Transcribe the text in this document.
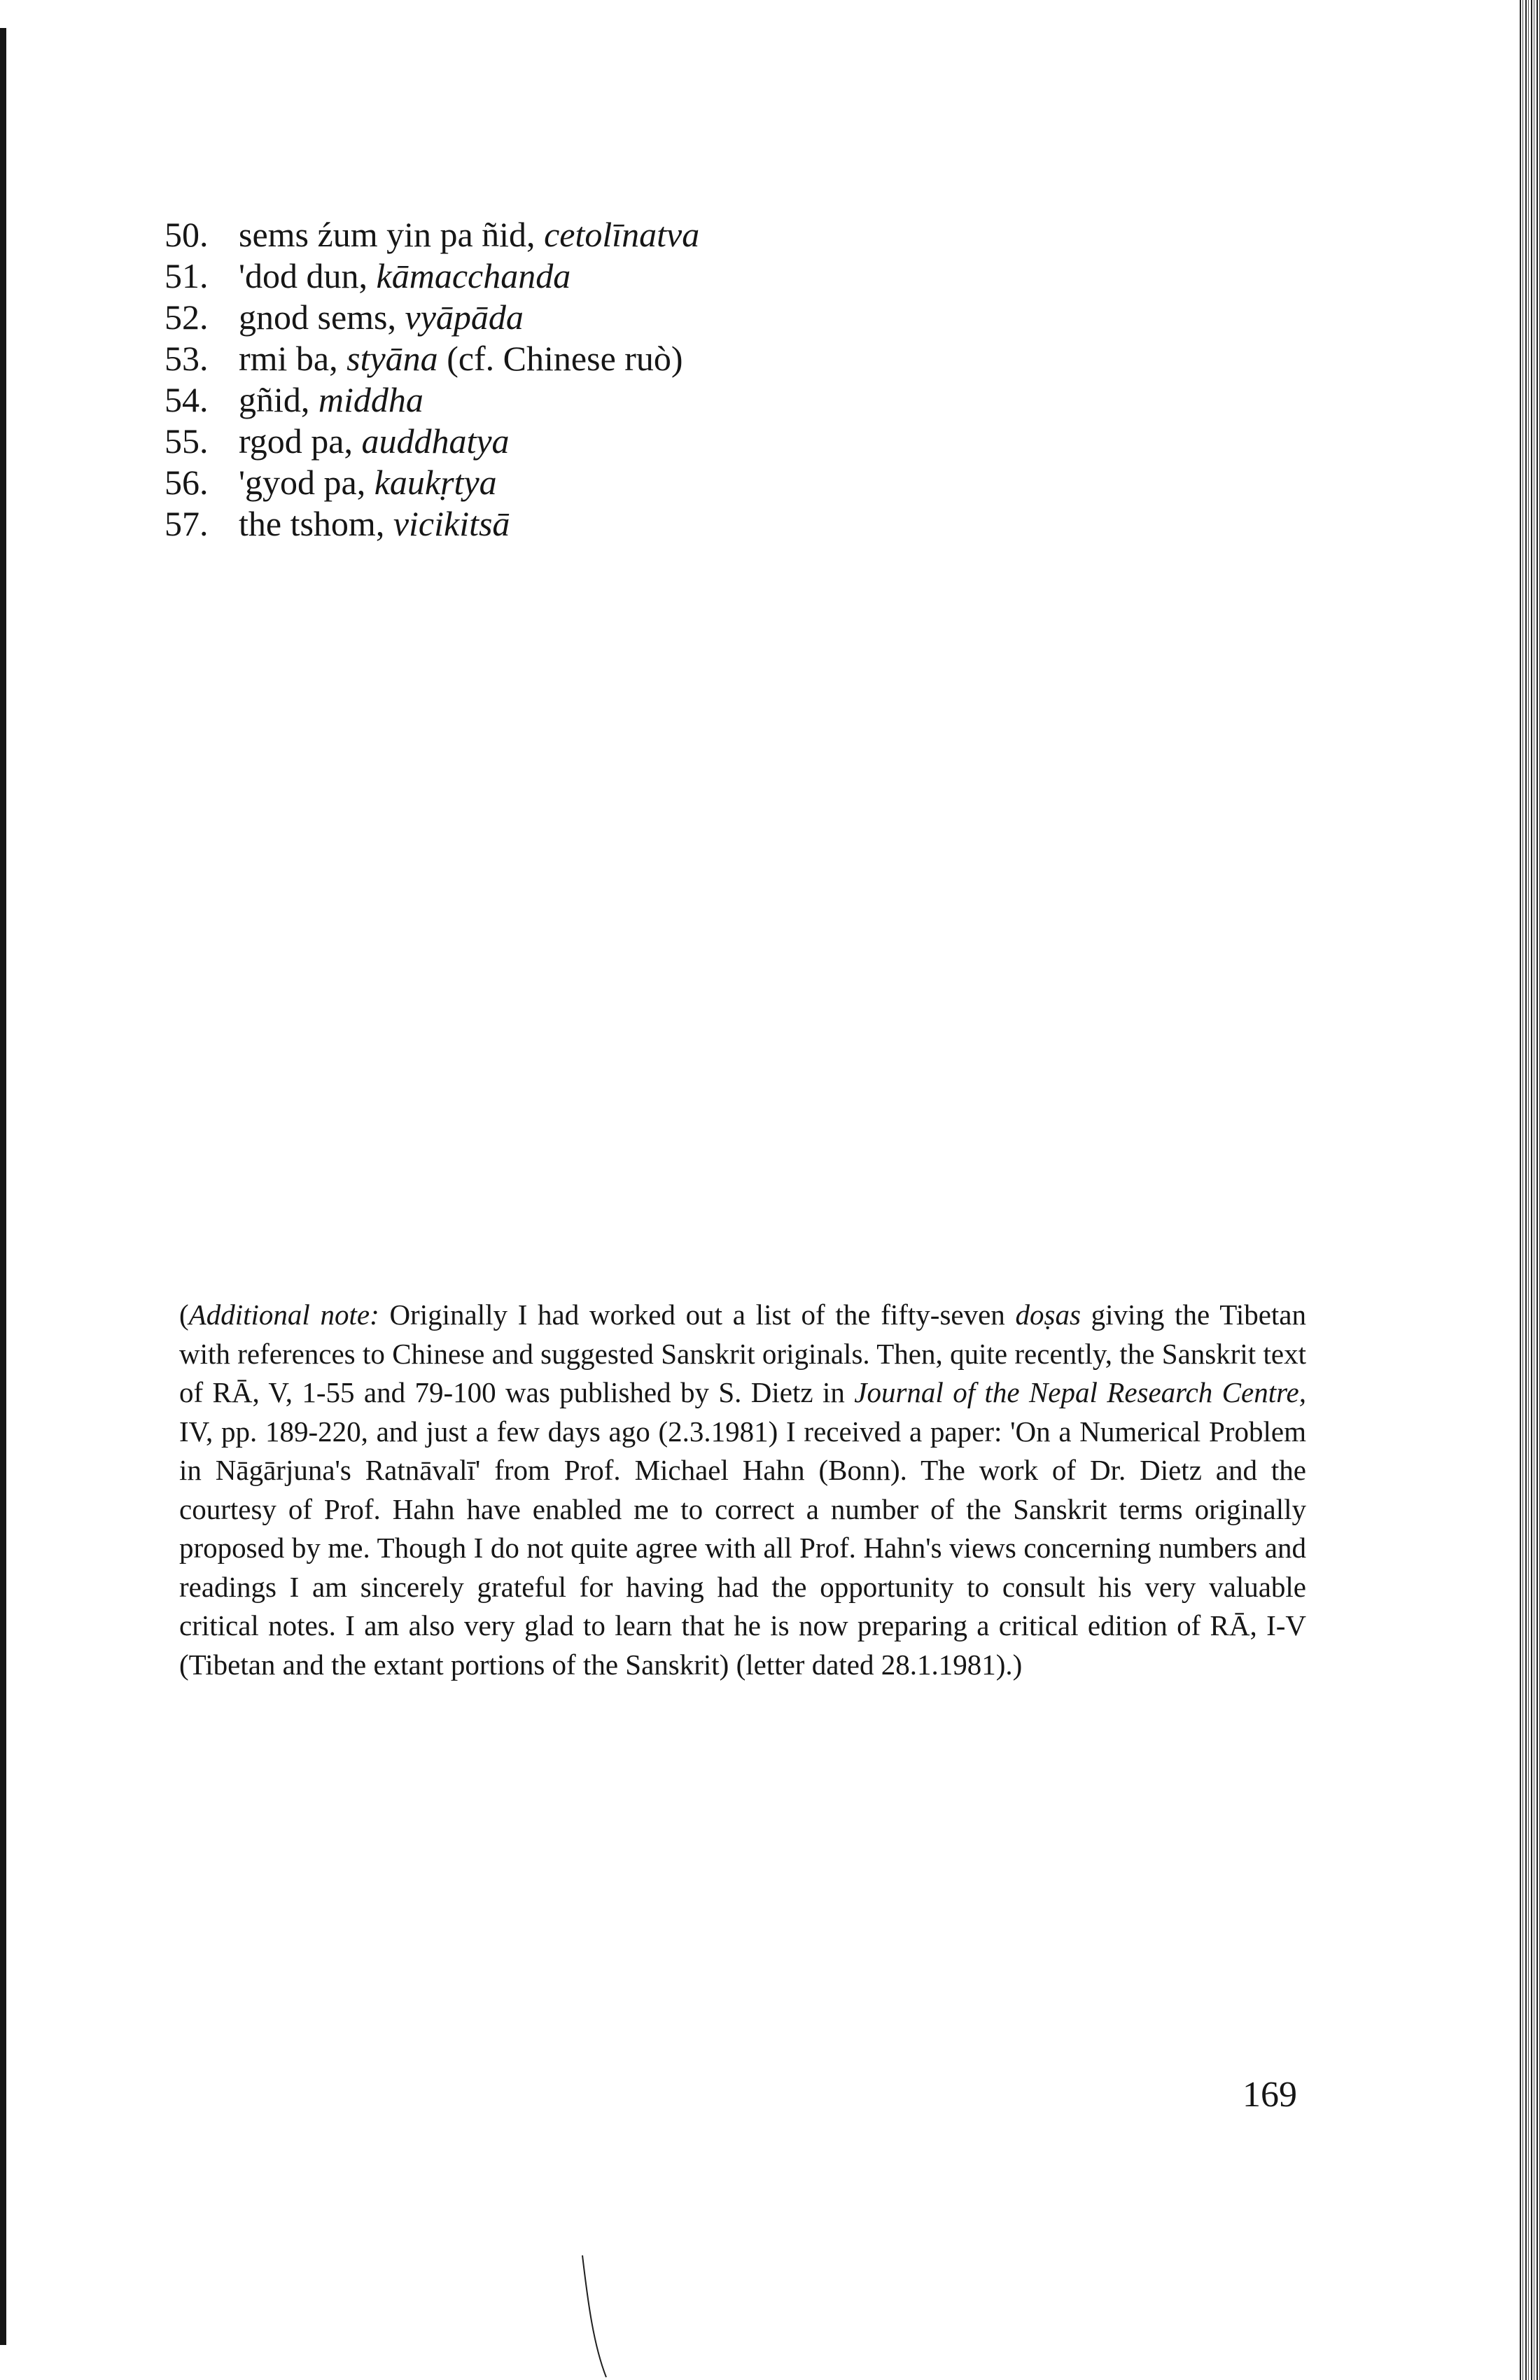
50. sems źum yin pa ñid, cetolīnatva
51. 'dod dun, kāmacchanda
52. gnod sems, vyāpāda
53. rmi ba, styāna (cf. Chinese ruò)
54. gñid, middha
55. rgod pa, auddhatya
56. 'gyod pa, kaukṛtya
57. the tshom, vicikitsā

(Additional note: Originally I had worked out a list of the fifty-seven doṣas giving the Tibetan with references to Chinese and suggested Sanskrit originals. Then, quite recently, the Sanskrit text of RĀ, V, 1-55 and 79-100 was published by S. Dietz in Journal of the Nepal Research Centre, IV, pp. 189-220, and just a few days ago (2.3.1981) I received a paper: 'On a Numerical Problem in Nāgārjuna's Ratnāvalī' from Prof. Michael Hahn (Bonn). The work of Dr. Dietz and the courtesy of Prof. Hahn have enabled me to correct a number of the Sanskrit terms originally proposed by me. Though I do not quite agree with all Prof. Hahn's views concerning numbers and readings I am sincerely grateful for having had the opportunity to consult his very valuable critical notes. I am also very glad to learn that he is now preparing a critical edition of RĀ, I-V (Tibetan and the extant portions of the Sanskrit) (letter dated 28.1.1981).)

169
